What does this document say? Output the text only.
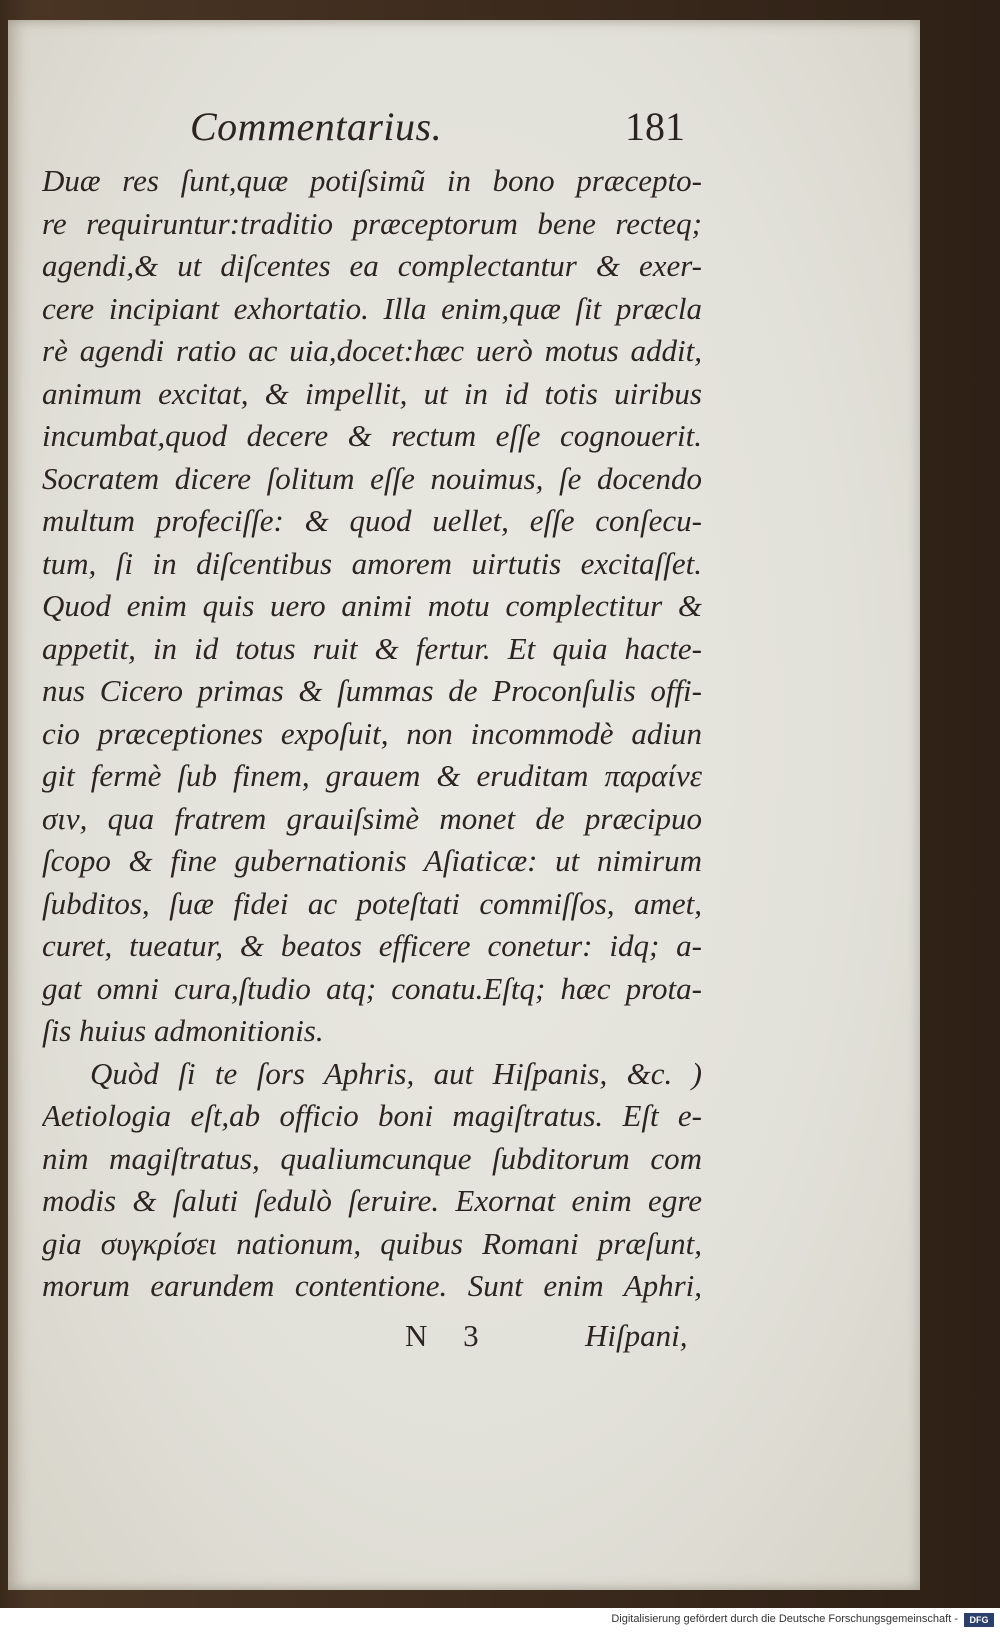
Commentarius.	181
Duæ res ſunt,quæ potiſsimũ in bono præcepto-
re requiruntur:traditio præceptorum bene recteq;
agendi,& ut diſcentes ea complectantur & exer-
cere incipiant exhortatio. Illa enim,quæ ſit præcla
rè agendi ratio ac uia,docet:hæc uerò motus addit,
animum excitat, & impellit, ut in id totis uiribus
incumbat,quod decere & rectum eſſe cognouerit.
Socratem dicere ſolitum eſſe nouimus, ſe docendo
multum profeciſſe: & quod uellet, eſſe conſecu-
tum, ſi in diſcentibus amorem uirtutis excitaſſet.
Quod enim quis uero animi motu complectitur &
appetit, in id totus ruit & fertur. Et quia hacte-
nus Cicero primas & ſummas de Proconſulis offi-
cio præceptiones expoſuit, non incommodè adiun
git fermè ſub finem, grauem & eruditam παραίνε
σιν, qua fratrem grauiſsimè monet de præcipuo
ſcopo & fine gubernationis Aſiaticæ: ut nimirum
ſubditos, ſuæ fidei ac poteſtati commiſſos, amet,
curet, tueatur, & beatos efficere conetur: idq; a-
gat omni cura,ſtudio atq; conatu.Eſtq; hæc prota-
ſis huius admonitionis.
Quòd ſi te ſors Aphris, aut Hiſpanis, &c. )
Aetiologia eſt,ab officio boni magiſtratus. Eſt e-
nim magiſtratus, qualiumcunque ſubditorum com
modis & ſaluti ſedulò ſeruire. Exornat enim egre
gia συγκρίσει nationum, quibus Romani præſunt,
morum earundem contentione. Sunt enim Aphri,
N 3	Hiſpani,
Digitalisierung gefördert durch die Deutsche Forschungsgemeinschaft -	DFG
